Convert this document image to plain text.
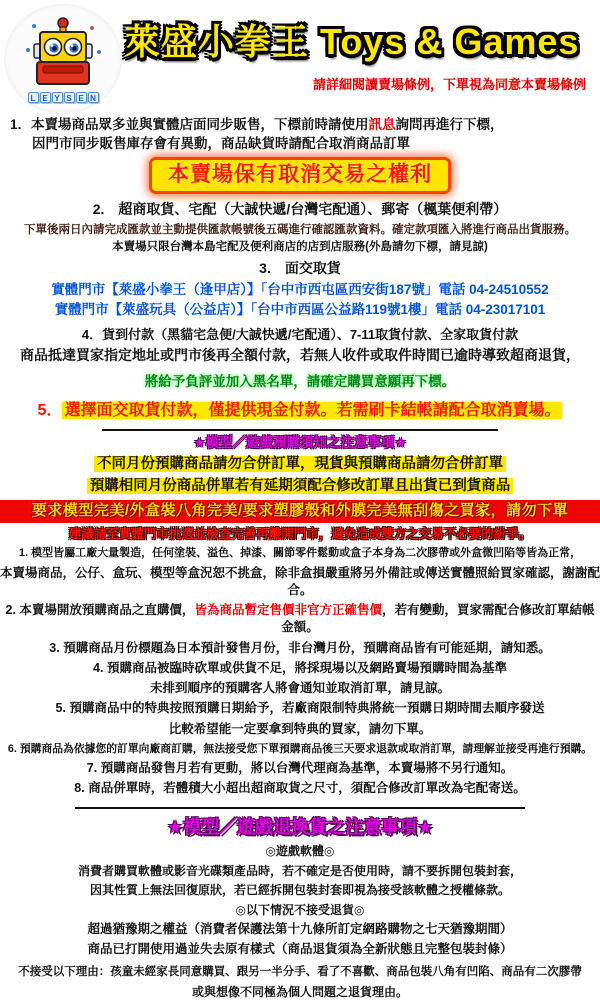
L E Y S E N
萊盛小拳王 Toys & Games
請詳細閱讀賣場條例，下單視為同意本賣場條例

1．本賣場商品眾多並與實體店面同步販售，下標前時請使用訊息詢問再進行下標，
因門市同步販售庫存會有異動，商品缺貨時請配合取消商品訂單

本賣場保有取消交易之權利

2.　超商取貨、宅配（大誠快遞/台灣宅配通）、郵寄（楓葉便利帶）

下單後兩日內請完成匯款並主動提供匯款帳號後五碼進行確認匯款資料。確定款項匯入將進行商品出貨服務。

本賣場只限台灣本島宅配及便利商店的店到店服務(外島請勿下標，請見諒)

3.　面交取貨

實體門市【萊盛小拳王（逢甲店）】「台中市西屯區西安街187號」電話 04-24510552

實體門市【萊盛玩具（公益店）】「台中市西區公益路119號1樓」電話 04-23017101

4．貨到付款（黑貓宅急便/大誠快遞/宅配通）、7-11取貨付款、全家取貨付款

商品抵達買家指定地址或門市後再全額付款，若無人收件或取件時間已逾時導致超商退貨，

將給予負評並加入黑名單，請確定購買意願再下標。

5． 選擇面交取貨付款，僅提供現金付款。若需刷卡結帳請配合取消賣場。

★模型／遊戲預購須知之注意事項★

不同月份預購商品請勿合併訂單，現貨與預購商品請勿合併訂單

預購相同月份商品併單若有延期須配合修改訂單且出貨已到貨商品

要求模型完美/外盒裝八角完美/要求塑膠殼和外膜完美無刮傷之買家，請勿下單

建議請至實體門市挑選並檢查完善再離開門市，避免造成雙方之交易不必要的紛爭。

1. 模型皆屬工廠大量製造，任何塗裝、溢色、掉漆、關節零件鬆動或盒子本身為二次膠帶或外盒微凹陷等皆為正常，

本賣場商品，公仔、盒玩、模型等盒況恕不挑盒，除非盒損嚴重將另外備註或傳送實體照給買家確認，謝謝配合。

2. 本賣場開放預購商品之直購價，皆為商品暫定售價非官方正確售價，若有變動，買家需配合修改訂單結帳金額。

3. 預購商品月份標題為日本預計發售月份，非台灣月份，預購商品皆有可能延期，請知悉。

4. 預購商品被臨時砍單或供貨不足，將採現場以及網路賣場預購時間為基準

未排到順序的預購客人將會通知並取消訂單，請見諒。

5. 預購商品中的特典按照預購日期給予，若廠商限制特典將統一預購日期時間去順序發送

比較希望能一定要拿到特典的買家，請勿下單。

6. 預購商品為依據您的訂單向廠商訂購，無法接受您下單預購商品後三天要求退款或取消訂單，請理解並接受再進行預購。

7. 預購商品發售月若有更動，將以台灣代理商為基準，本賣場將不另行通知。

8. 商品併單時，若體積大小超出超商取貨之尺寸，須配合修改訂單改為宅配寄送。

★模型／遊戲退換貨之注意事項★

◎遊戲軟體◎

消費者購買軟體或影音光碟類產品時，若不確定是否使用時，請不要拆開包裝封套，

因其性質上無法回復原狀，若已經拆開包裝封套即視為接受該軟體之授權條款。

◎以下情況不接受退貨◎

超過猶豫期之權益（消費者保護法第十九條所訂定網路購物之七天猶豫期間）

商品已打開使用過並失去原有樣式（商品退貨須為全新狀態且完整包裝封條）

不接受以下理由：孩童未經家長同意購買、跟另一半分手、看了不喜歡、商品包裝八角有凹陷、商品有二次膠帶

或與想像不同極為個人問題之退貨理由。
